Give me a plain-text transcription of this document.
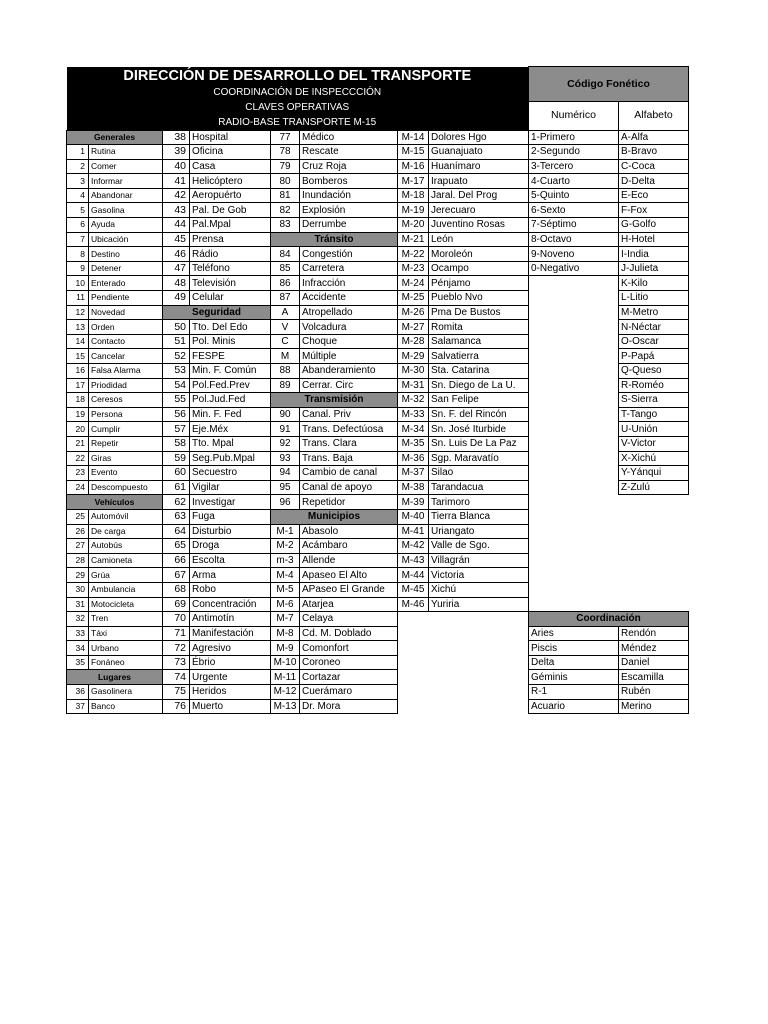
DIRECCIÓN DE DESARROLLO DEL TRANSPORTE
COORDINACIÓN DE INSPECCCIÓN
CLAVES OPERATIVAS
RADIO-BASE TRANSPORTE M-15								Código Fonético	
								Numérico	Alfabeto

Generales		38	Hospital	77	Médico	M-14	Dolores Hgo	1-Primero	A-Alfa
1	Rutina	39	Oficina	78	Rescate	M-15	Guanajuato	2-Segundo	B-Bravo
2	Comer	40	Casa	79	Cruz Roja	M-16	Huanímaro	3-Tercero	C-Coca
3	Informar	41	Helicóptero	80	Bomberos	M-17	Irapuato	4-Cuarto	D-Delta
4	Abandonar	42	Aeropuérto	81	Inundación	M-18	Jaral. Del Prog	5-Quinto	E-Eco
5	Gasolina	43	Pal. De Gob	82	Explosión	M-19	Jerecuaro	6-Sexto	F-Fox
6	Ayuda	44	Pal.Mpal	83	Derrumbe	M-20	Juventino Rosas	7-Séptimo	G-Golfo
7	Ubicación	45	Prensa	Tránsito		M-21	León	8-Octavo	H-Hotel
8	Destino	46	Rádio	84	Congestión	M-22	Moroleón	9-Noveno	I-India
9	Detener	47	Teléfono	85	Carretera	M-23	Ocampo	0-Negativo	J-Julieta
10	Enterado	48	Televisión	86	Infracción	M-24	Pénjamo		K-Kilo
11	Pendiente	49	Celular	87	Accidente	M-25	Pueblo Nvo		L-Litio
12	Novedad	Seguridad		A	Atropellado	M-26	Pma De Bustos		M-Metro
13	Orden	50	Tto. Del Edo	V	Volcadura	M-27	Romita		N-Néctar
14	Contacto	51	Pol. Minis	C	Choque	M-28	Salamanca		O-Oscar
15	Cancelar	52	FESPE	M	Múltiple	M-29	Salvatierra		P-Papá
16	Falsa Alarma	53	Min. F. Común	88	Abanderamiento	M-30	Sta. Catarina		Q-Queso
17	Priodidad	54	Pol.Fed.Prev	89	Cerrar. Circ	M-31	Sn. Diego de La U.		R-Roméo
18	Ceresos	55	Pol.Jud.Fed	Transmisión		M-32	San Felipe		S-Sierra
19	Persona	56	Min. F. Fed	90	Canal. Priv	M-33	Sn. F. del Rincón		T-Tango
20	Cumplir	57	Eje.Méx	91	Trans. Defectúosa	M-34	Sn. José Iturbide		U-Unión
21	Repetir	58	Tto. Mpal	92	Trans. Clara	M-35	Sn. Luis De La Paz		V-Victor
22	Giras	59	Seg.Pub.Mpal	93	Trans. Baja	M-36	Sgp. Maravatío		X-Xichú
23	Evento	60	Secuestro	94	Cambio de canal	M-37	Silao		Y-Yánqui
24	Descompuesto	61	Vigilar	95	Canal de apoyo	M-38	Tarandacua		Z-Zulú
Vehículos		62	Investigar	96	Repetidor	M-39	Tarimoro		
25	Automóvil	63	Fuga	Municipios		M-40	Tierra Blanca		
26	De carga	64	Disturbio	M-1	Abasolo	M-41	Uriangato		
27	Autobús	65	Droga	M-2	Acámbaro	M-42	Valle de Sgo.		
28	Camioneta	66	Escolta	m-3	Allende	M-43	Villagrán		
29	Grúa	67	Arma	M-4	Apaseo El Alto	M-44	Victoria		
30	Ambulancia	68	Robo	M-5	APaseo El Grande	M-45	Xichú		
31	Motocicleta	69	Concentración	M-6	Atarjea	M-46	Yuriria		
32	Tren	70	Antimotín	M-7	Celaya			Coordinación	
33	Táxi	71	Manifestación	M-8	Cd. M. Doblado			Aries	Rendón
34	Urbano	72	Agresivo	M-9	Comonfort			Piscis	Méndez
35	Fonáneo	73	Ébrio	M-10	Coroneo			Delta	Daniel
Lugares		74	Urgente	M-11	Cortazar			Géminis	Escamilla
36	Gasolinera	75	Heridos	M-12	Cuerámaro			R-1	Rubén
37	Banco	76	Muerto	M-13	Dr. Mora			Acuario	Merino
